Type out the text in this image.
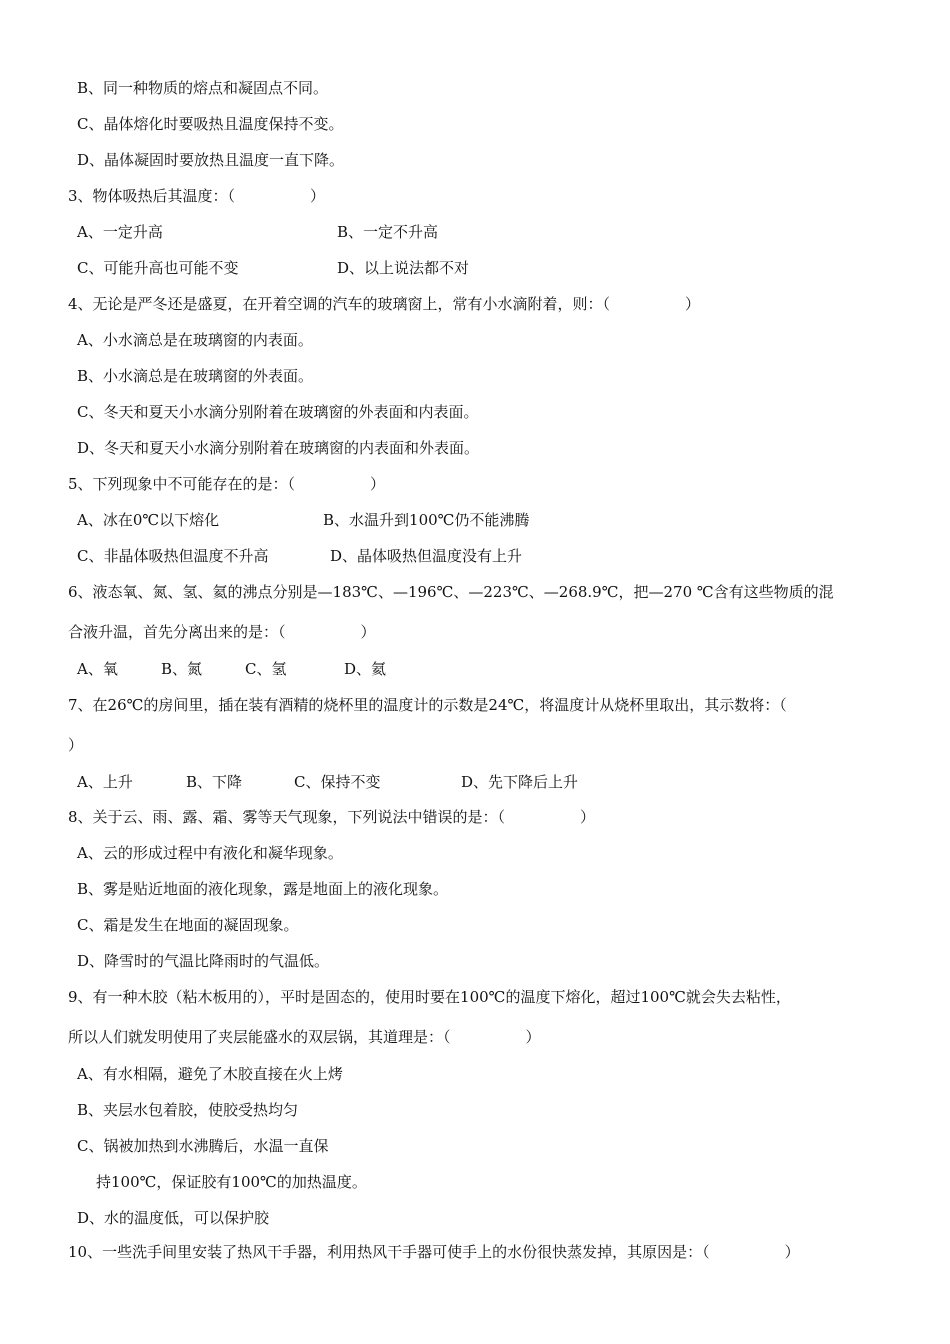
B、同一种物质的熔点和凝固点不同。
C、晶体熔化时要吸热且温度保持不变。
D、晶体凝固时要放热且温度一直下降。
3、物体吸热后其温度：（　　　　　）
A、一定升高	B、一定不升高
C、可能升高也可能不变	D、以上说法都不对
4、无论是严冬还是盛夏，在开着空调的汽车的玻璃窗上，常有小水滴附着，则：（　　　　　）
A、小水滴总是在玻璃窗的内表面。
B、小水滴总是在玻璃窗的外表面。
C、冬天和夏天小水滴分别附着在玻璃窗的外表面和内表面。
D、冬天和夏天小水滴分别附着在玻璃窗的内表面和外表面。
5、下列现象中不可能存在的是：（　　　　　）
A、冰在0℃以下熔化	B、水温升到100℃仍不能沸腾
C、非晶体吸热但温度不升高	D、晶体吸热但温度没有上升
6、液态氧、氮、氢、氦的沸点分别是—183℃、—196℃、—223℃、—268.9℃，把—270 ℃含有这些物质的混
合液升温，首先分离出来的是：（　　　　　）
A、氧	B、氮	C、氢	D、氦
7、在26℃的房间里，插在装有酒精的烧杯里的温度计的示数是24℃，将温度计从烧杯里取出，其示数将：（
）
A、上升	B、下降	C、保持不变	D、先下降后上升
8、关于云、雨、露、霜、雾等天气现象，下列说法中错误的是：（　　　　　）
A、云的形成过程中有液化和凝华现象。
B、雾是贴近地面的液化现象，露是地面上的液化现象。
C、霜是发生在地面的凝固现象。
D、降雪时的气温比降雨时的气温低。
9、有一种木胶（粘木板用的），平时是固态的，使用时要在100℃的温度下熔化，超过100℃就会失去粘性，
所以人们就发明使用了夹层能盛水的双层锅，其道理是：（　　　　　）
A、有水相隔，避免了木胶直接在火上烤
B、夹层水包着胶，使胶受热均匀
C、锅被加热到水沸腾后，水温一直保
持100℃，保证胶有100℃的加热温度。
D、水的温度低，可以保护胶
10、一些洗手间里安装了热风干手器，利用热风干手器可使手上的水份很快蒸发掉，其原因是：（　　　　　）
